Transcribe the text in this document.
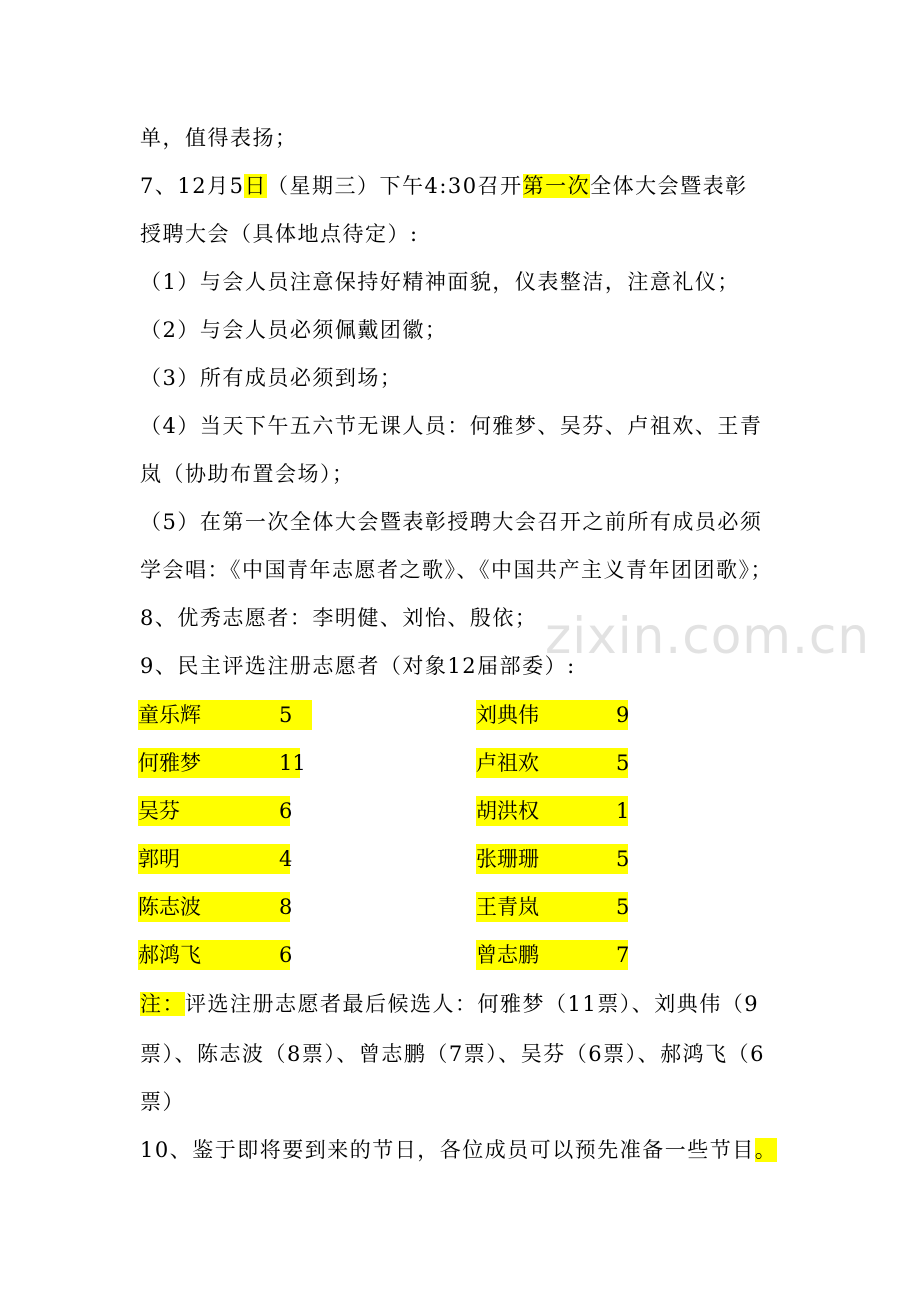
单，值得表扬；
7、12月5日（星期三）下午4:30召开第一次全体大会暨表彰
授聘大会（具体地点待定）:
（1）与会人员注意保持好精神面貌，仪表整洁，注意礼仪；
（2）与会人员必须佩戴团徽；
（3）所有成员必须到场；
（4）当天下午五六节无课人员：何雅梦、吴芬、卢祖欢、王青
岚（协助布置会场）；
（5）在第一次全体大会暨表彰授聘大会召开之前所有成员必须
学会唱：《中国青年志愿者之歌》、《中国共产主义青年团团歌》；
8、优秀志愿者：李明健、刘怡、殷依；
9、民主评选注册志愿者（对象12届部委）:
童乐辉	5
何雅梦	11
吴芬	6
郭明	4
陈志波	8
郝鸿飞	6
刘典伟	9
卢祖欢	5
胡洪权	1
张珊珊	5
王青岚	5
曾志鹏	7
注：评选注册志愿者最后候选人：何雅梦（11票）、刘典伟（9
票）、陈志波（8票）、曾志鹏（7票）、吴芬（6票）、郝鸿飞（6
票）
10、鉴于即将要到来的节日，各位成员可以预先准备一些节目。
zixin.com.cn
